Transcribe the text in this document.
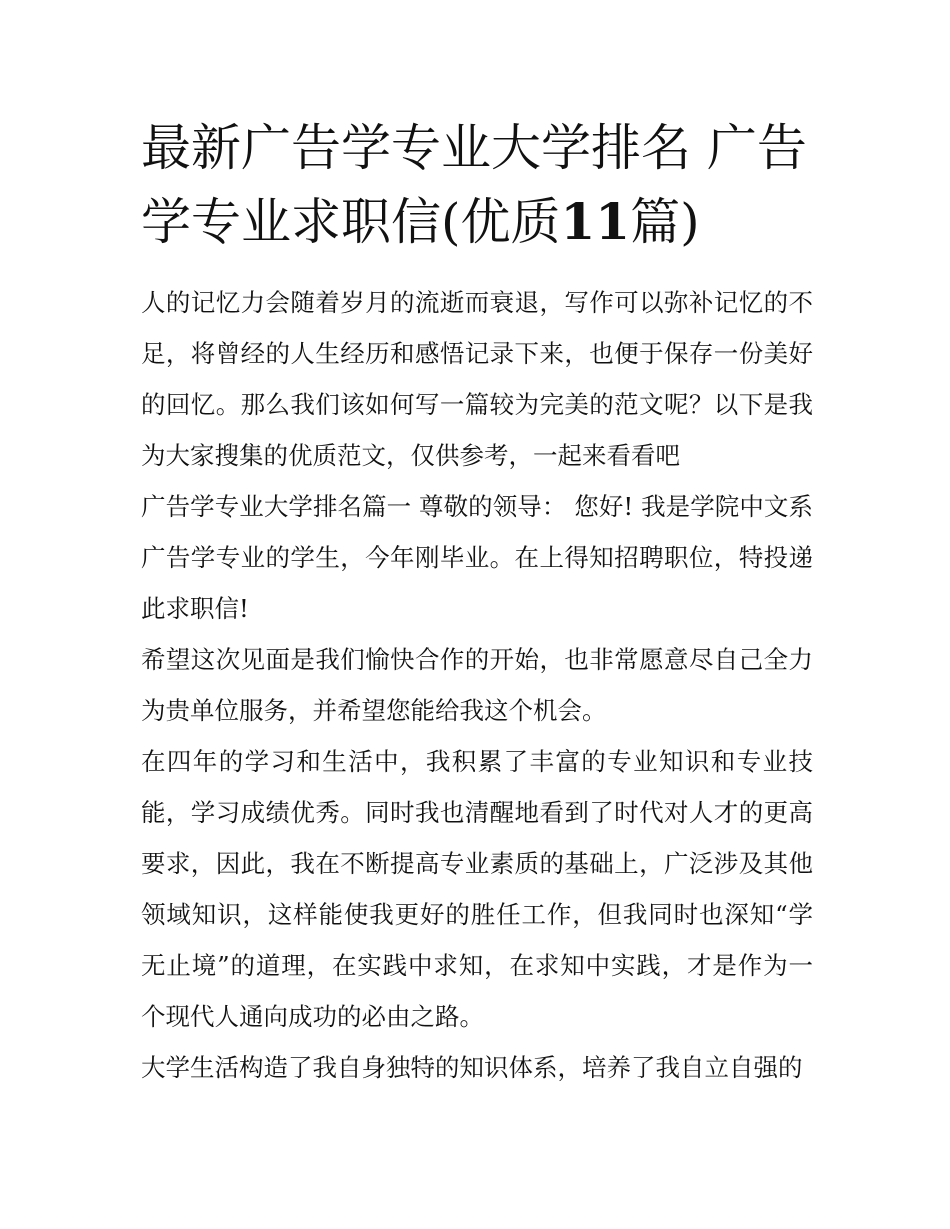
最新广告学专业大学排名 广告学专业求职信(优质11篇)

人的记忆力会随着岁月的流逝而衰退，写作可以弥补记忆的不足，将曾经的人生经历和感悟记录下来，也便于保存一份美好的回忆。那么我们该如何写一篇较为完美的范文呢？以下是我为大家搜集的优质范文，仅供参考，一起来看看吧

广告学专业大学排名篇一 尊敬的领导： 您好! 我是学院中文系广告学专业的学生，今年刚毕业。在上得知招聘职位，特投递此求职信!

希望这次见面是我们愉快合作的开始，也非常愿意尽自己全力为贵单位服务，并希望您能给我这个机会。

在四年的学习和生活中，我积累了丰富的专业知识和专业技能，学习成绩优秀。同时我也清醒地看到了时代对人才的更高要求，因此，我在不断提高专业素质的基础上，广泛涉及其他领域知识，这样能使我更好的胜任工作，但我同时也深知“学无止境”的道理，在实践中求知，在求知中实践，才是作为一个现代人通向成功的必由之路。

大学生活构造了我自身独特的知识体系，培养了我自立自强的
